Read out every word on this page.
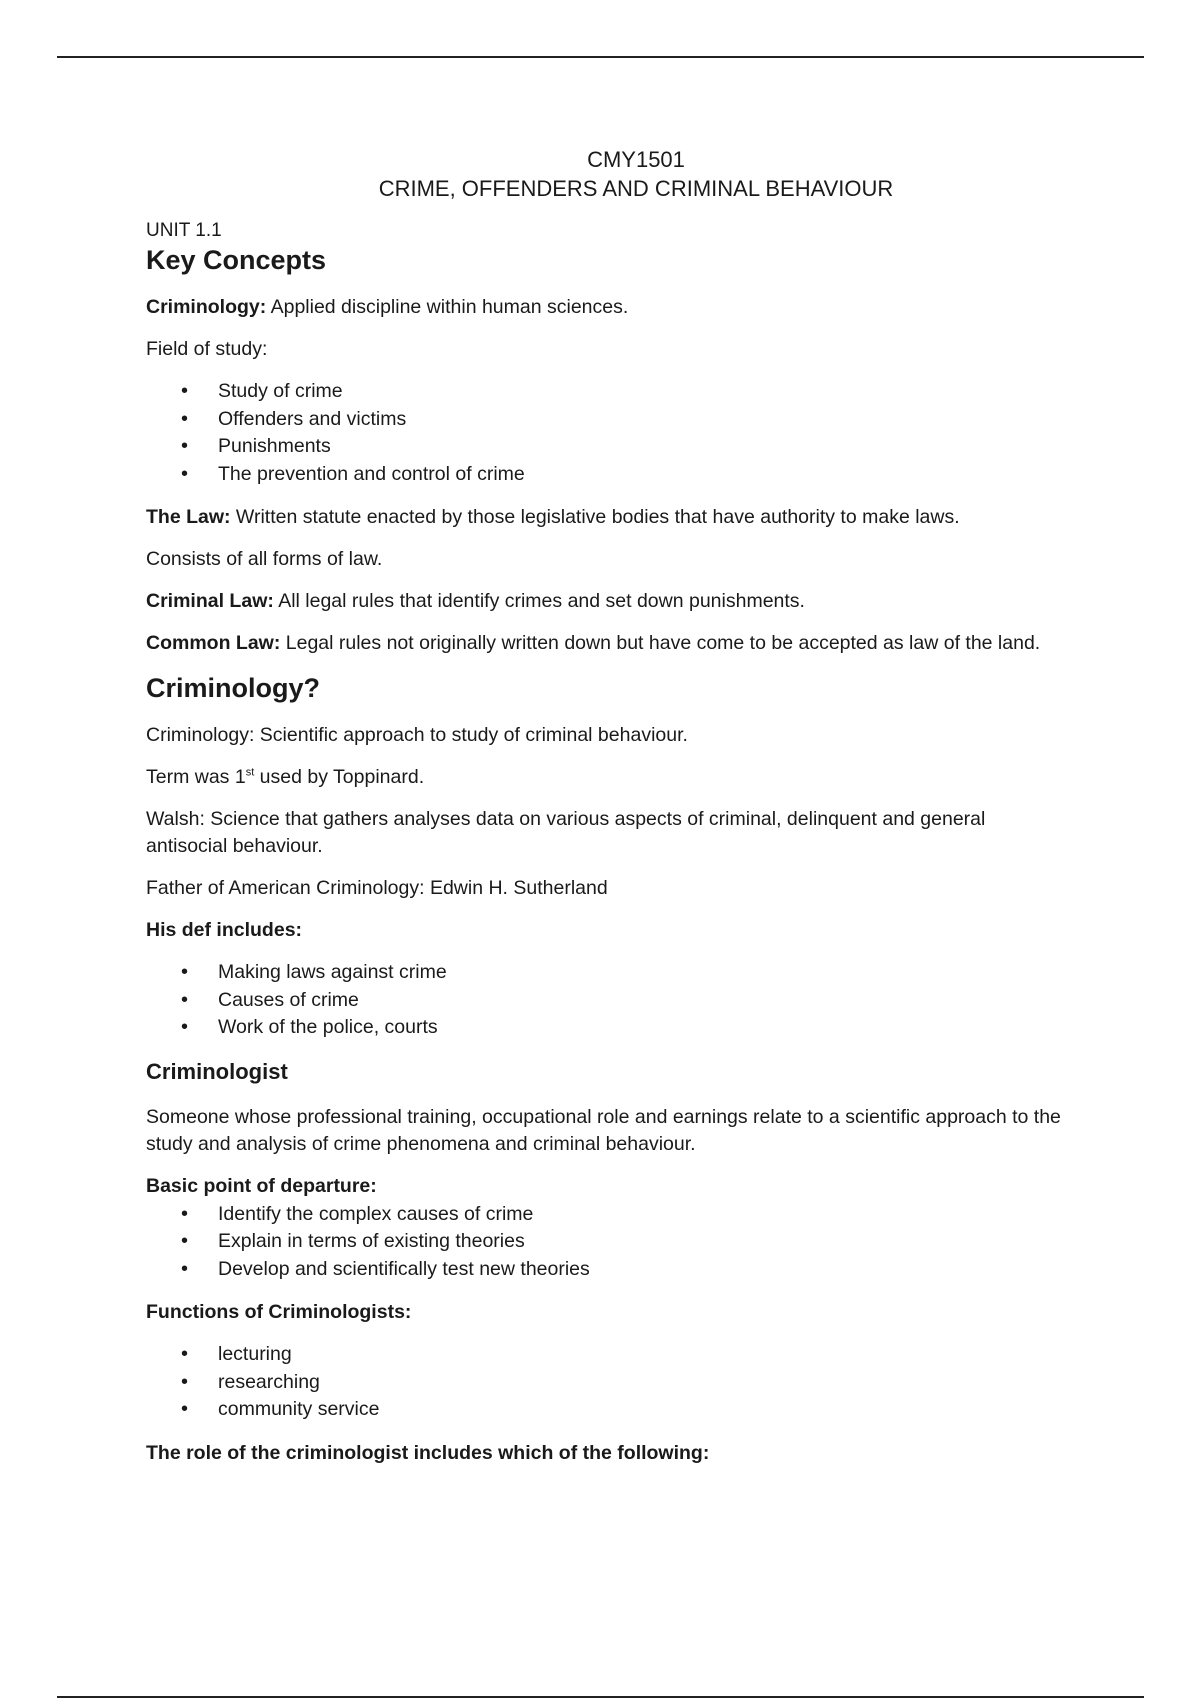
CMY1501
CRIME, OFFENDERS AND CRIMINAL BEHAVIOUR
UNIT 1.1
Key Concepts

Criminology: Applied discipline within human sciences.

Field of study:

• Study of crime
• Offenders and victims
• Punishments
• The prevention and control of crime

The Law: Written statute enacted by those legislative bodies that have authority to make laws.

Consists of all forms of law.

Criminal Law: All legal rules that identify crimes and set down punishments.

Common Law: Legal rules not originally written down but have come to be accepted as law of the land.

Criminology?

Criminology: Scientific approach to study of criminal behaviour.

Term was 1st used by Toppinard.

Walsh: Science that gathers analyses data on various aspects of criminal, delinquent and general antisocial behaviour.

Father of American Criminology: Edwin H. Sutherland

His def includes:
• Making laws against crime
• Causes of crime
• Work of the police, courts
Criminologist

Someone whose professional training, occupational role and earnings relate to a scientific approach to the study and analysis of crime phenomena and criminal behaviour.

Basic point of departure:
• Identify the complex causes of crime
• Explain in terms of existing theories
• Develop and scientifically test new theories
Functions of Criminologists:
• lecturing
• researching
• community service
The role of the criminologist includes which of the following:
